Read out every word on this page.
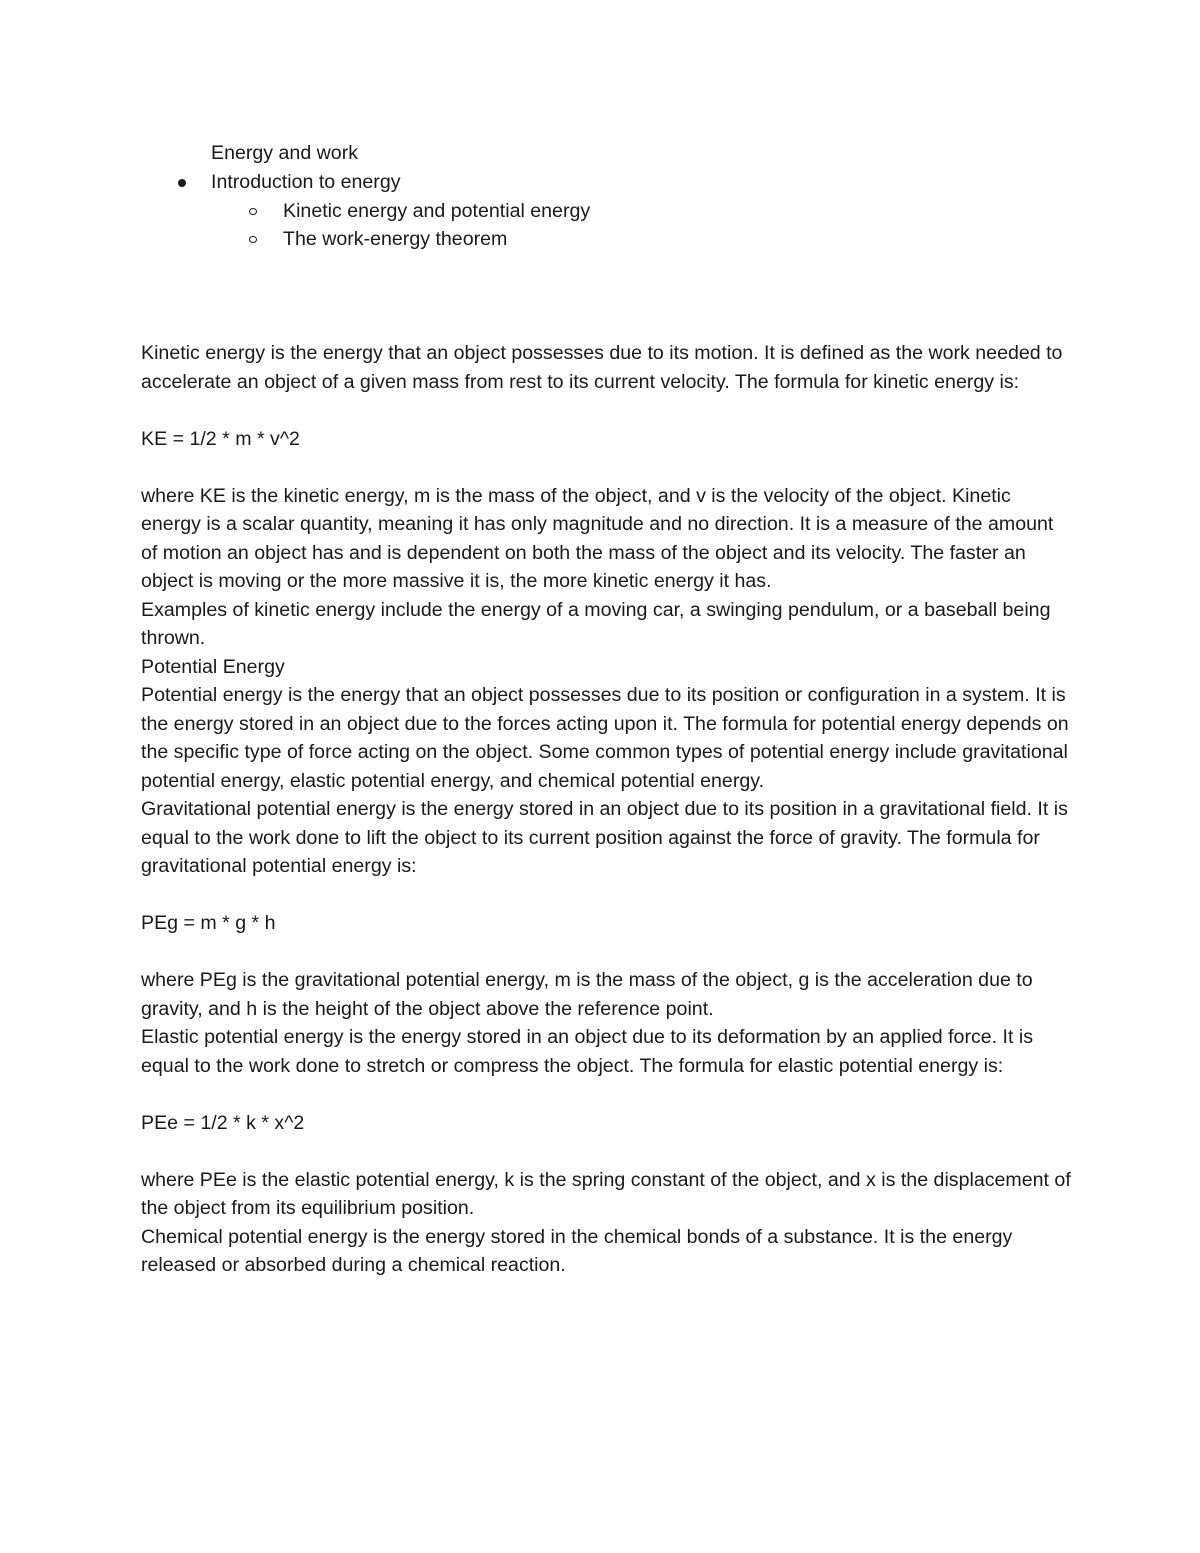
Energy and work
Introduction to energy
Kinetic energy and potential energy
The work-energy theorem

Kinetic energy is the energy that an object possesses due to its motion. It is defined as the work needed to accelerate an object of a given mass from rest to its current velocity. The formula for kinetic energy is:

KE = 1/2 * m * v^2

where KE is the kinetic energy, m is the mass of the object, and v is the velocity of the object. Kinetic energy is a scalar quantity, meaning it has only magnitude and no direction. It is a measure of the amount of motion an object has and is dependent on both the mass of the object and its velocity. The faster an object is moving or the more massive it is, the more kinetic energy it has.

Examples of kinetic energy include the energy of a moving car, a swinging pendulum, or a baseball being thrown.

Potential Energy

Potential energy is the energy that an object possesses due to its position or configuration in a system. It is the energy stored in an object due to the forces acting upon it. The formula for potential energy depends on the specific type of force acting on the object. Some common types of potential energy include gravitational potential energy, elastic potential energy, and chemical potential energy.

Gravitational potential energy is the energy stored in an object due to its position in a gravitational field. It is equal to the work done to lift the object to its current position against the force of gravity. The formula for gravitational potential energy is:

PEg = m * g * h

where PEg is the gravitational potential energy, m is the mass of the object, g is the acceleration due to gravity, and h is the height of the object above the reference point.

Elastic potential energy is the energy stored in an object due to its deformation by an applied force. It is equal to the work done to stretch or compress the object. The formula for elastic potential energy is:

PEe = 1/2 * k * x^2

where PEe is the elastic potential energy, k is the spring constant of the object, and x is the displacement of the object from its equilibrium position.

Chemical potential energy is the energy stored in the chemical bonds of a substance. It is the energy released or absorbed during a chemical reaction.
